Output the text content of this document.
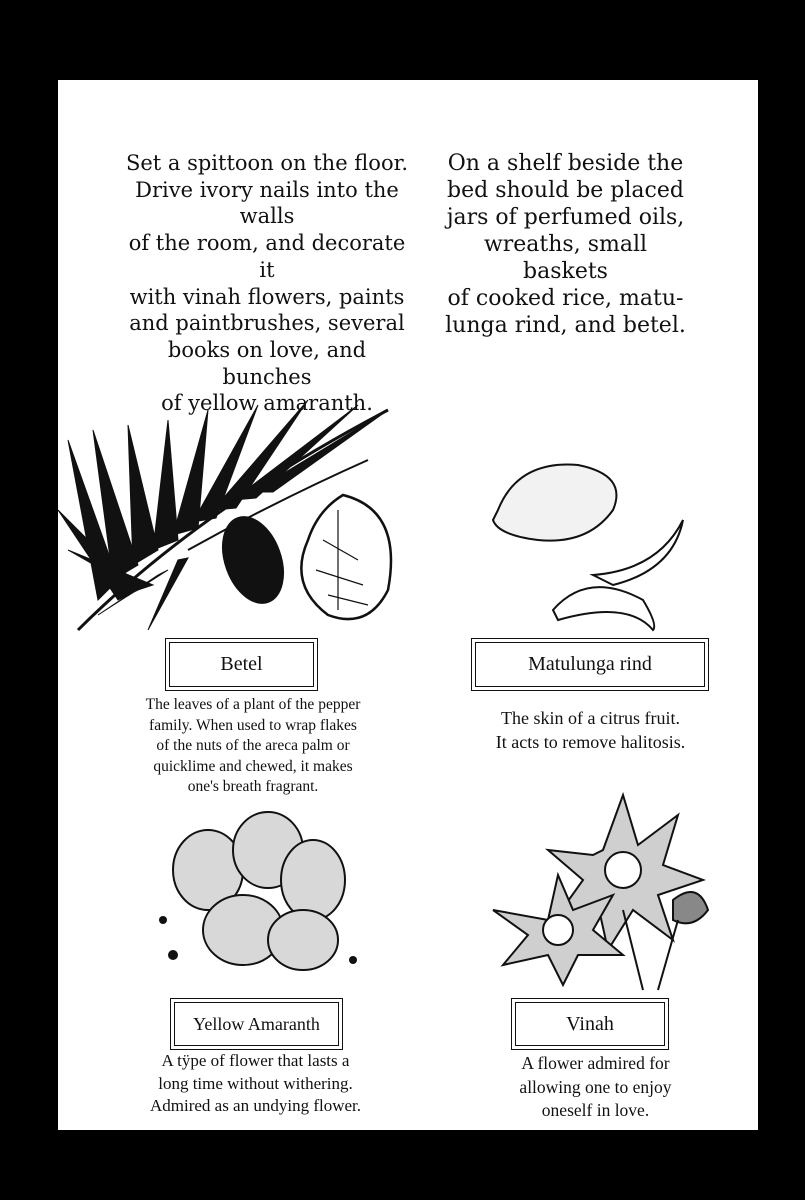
Set a spittoon on the floor.
Drive ivory nails into the walls
of the room, and decorate it
with vinah flowers, paints
and paintbrushes, several
books on love, and bunches
of yellow amaranth.
On a shelf beside the
bed should be placed
jars of perfumed oils,
wreaths, small baskets
of cooked rice, matu-
lunga rind, and betel.
Betel	Matulunga rind
The leaves of a plant of the pepper
family. When used to wrap flakes
of the nuts of the areca palm or
quicklime and chewed, it makes
one's breath fragrant.
The skin of a citrus fruit.
It acts to remove halitosis.
Yellow Amaranth	Vinah
A tÿpe of flower that lasts a
long time without withering.
Admired as an undying flower.
A flower admired for
allowing one to enjoy
oneself in love.
